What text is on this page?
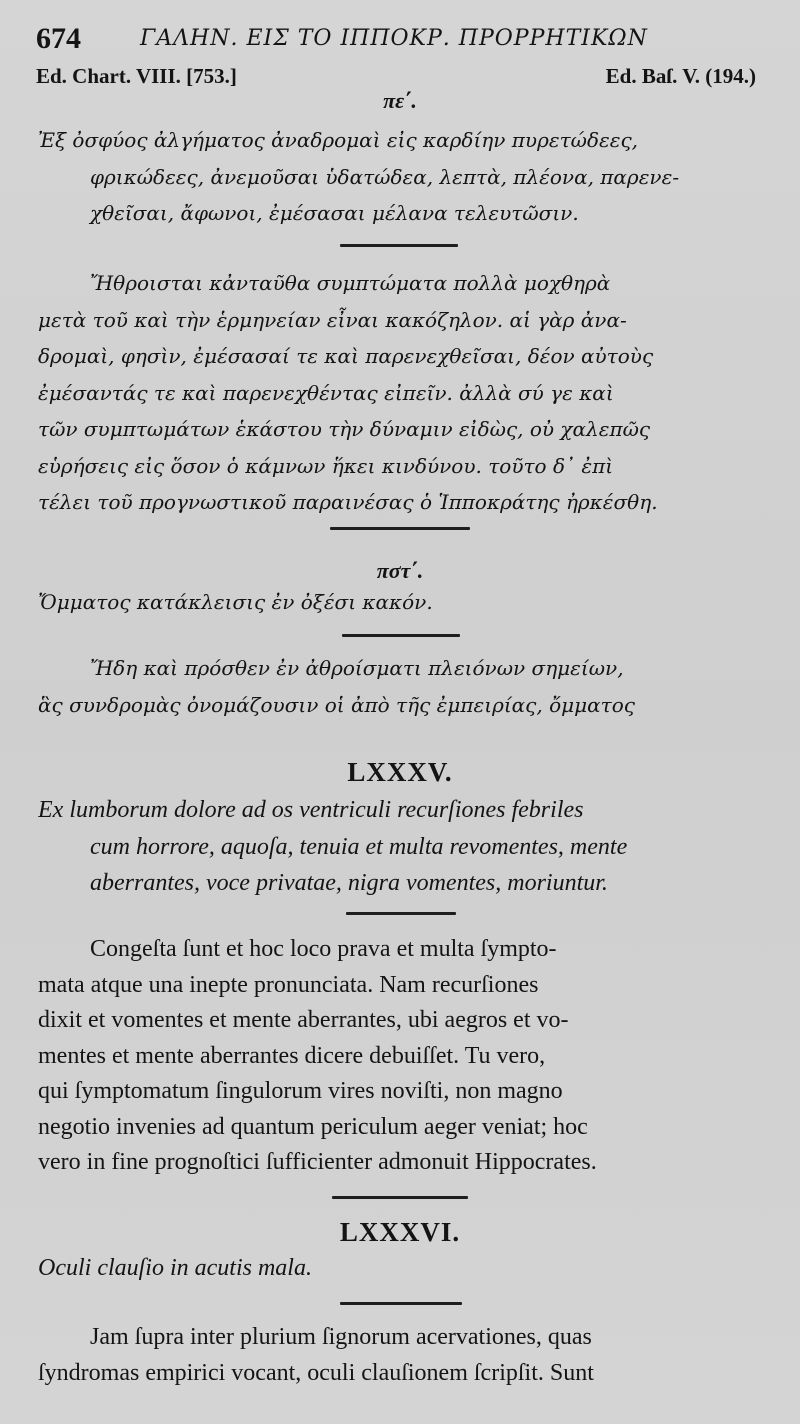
674	ΓΑΛΗΝ. ΕΙΣ ΤΟ ΙΠΠΟΚΡ. ΠΡΟΡΡΗΤΙΚΩΝ
Ed. Chart. VIII. [753.]	Ed. Baſ. V. (194.)
πε΄.
Ἐξ ὀσφύος ἀλγήματος ἀναδρομαὶ εἰς καρδίην πυρετώδεες,
φρικώδεες, ἀνεμοῦσαι ὑδατώδεα, λεπτὰ, πλέονα, παρενε-
χθεῖσαι, ἄφωνοι, ἐμέσασαι μέλανα τελευτῶσιν.
Ἤθροισται κἀνταῦθα συμπτώματα πολλὰ μοχθηρὰ
μετὰ τοῦ καὶ τὴν ἑρμηνείαν εἶναι κακόζηλον. αἱ γὰρ ἀνα-
δρομαὶ, φησὶν, ἐμέσασαί τε καὶ παρενεχθεῖσαι, δέον αὐτοὺς
ἐμέσαντάς τε καὶ παρενεχθέντας εἰπεῖν. ἀλλὰ σύ γε καὶ
τῶν συμπτωμάτων ἑκάστου τὴν δύναμιν εἰδὼς, οὐ χαλεπῶς
εὑρήσεις εἰς ὅσον ὁ κάμνων ἥκει κινδύνου. τοῦτο δ᾽ ἐπὶ
τέλει τοῦ προγνωστικοῦ παραινέσας ὁ Ἱπποκράτης ἠρκέσθη.
πστ΄.
Ὄμματος κατάκλεισις ἐν ὀξέσι κακόν.
Ἤδη καὶ πρόσθεν ἐν ἀθροίσματι πλειόνων σημείων,
ἃς συνδρομὰς ὀνομάζουσιν οἱ ἀπὸ τῆς ἐμπειρίας, ὄμματος
LXXXV.
Ex lumborum dolore ad os ventriculi recurſiones febriles
cum horrore, aquoſa, tenuia et multa revomentes, mente
aberrantes, voce privatae, nigra vomentes, moriuntur.
Congeſta ſunt et hoc loco prava et multa ſympto-
mata atque una inepte pronunciata. Nam recurſiones
dixit et vomentes et mente aberrantes, ubi aegros et vo-
mentes et mente aberrantes dicere debuiſſet. Tu vero,
qui ſymptomatum ſingulorum vires noviſti, non magno
negotio invenies ad quantum periculum aeger veniat; hoc
vero in fine prognoſtici ſufficienter admonuit Hippocrates.
LXXXVI.
Oculi clauſio in acutis mala.
Jam ſupra inter plurium ſignorum acervationes, quas
ſyndromas empirici vocant, oculi clauſionem ſcripſit. Sunt
